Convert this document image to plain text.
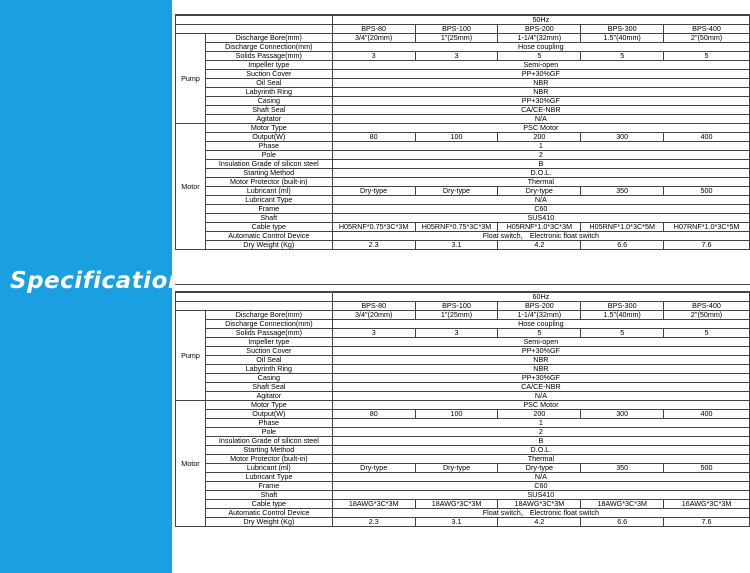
Specification
		50Hz				
		BPS-80	BPS-100	BPS-200	BPS-300	BPS-400
Pump	Discharge Bore(mm)	3/4"(20mm)	1"(25mm)	1-1/4"(32mm)	1.5"(40mm)	2"(50mm)
	Discharge Connection(mm)	Hose coupling				
	Solids Passage(mm)	3	3	5	5	5
	Impeller type	Semi-open				
	Suction Cover	PP+30%GF				
	Oil Seal	NBR				
	Labyrinth Ring	NBR				
	Casing	PP+30%GF				
	Shaft Seal	CA/CE-NBR				
	Agitator	N/A				
Motor	Motor Type	PSC Motor				
	Output(W)	80	100	200	300	400
	Phase	1				
	Pole	2				
	Insulation Grade of silicon steel	B				
	Starting Method	D.O.L.				
	Motor Protector (built-in)	Thermal				
	Lubricant (ml)	Dry-type	Dry-type	Dry-type	350	500
	Lubricant Type	N/A				
	Frame	C60				
	Shaft	SUS410				
	Cable type	H05RNF*0.75*3C*3M	H05RNF*0.75*3C*3M	H05RNF*1.0*3C*3M	H05RNF*1.0*3C*5M	H07RNF*1.0*3C*5M
	Automatic Control Device	Float switch， Electronic float switch				
	Dry Weight (Kg)	2.3	3.1	4.2	6.6	7.6
		60Hz				
		BPS-80	BPS-100	BPS-200	BPS-300	BPS-400
Pump	Discharge Bore(mm)	3/4"(20mm)	1"(25mm)	1-1/4"(32mm)	1.5"(40mm)	2"(50mm)
	Discharge Connection(mm)	Hose coupling				
	Solids Passage(mm)	3	3	5	5	5
	Impeller type	Semi-open				
	Suction Cover	PP+30%GF				
	Oil Seal	NBR				
	Labyrinth Ring	NBR				
	Casing	PP+30%GF				
	Shaft Seal	CA/CE-NBR				
	Agitator	N/A				
Motor	Motor Type	PSC Motor				
	Output(W)	80	100	200	300	400
	Phase	1				
	Pole	2				
	Insulation Grade of silicon steel	B				
	Starting Method	D.O.L.				
	Motor Protector (built-in)	Thermal				
	Lubricant (ml)	Dry-type	Dry-type	Dry-type	350	500
	Lubricant Type	N/A				
	Frame	C60				
	Shaft	SUS410				
	Cable type	18AWG*3C*3M	18AWG*3C*3M	18AWG*3C*3M	18AWG*3C*3M	16AWG*3C*3M
	Automatic Control Device	Float switch， Electronic float switch				
	Dry Weight (Kg)	2.3	3.1	4.2	6.6	7.6
